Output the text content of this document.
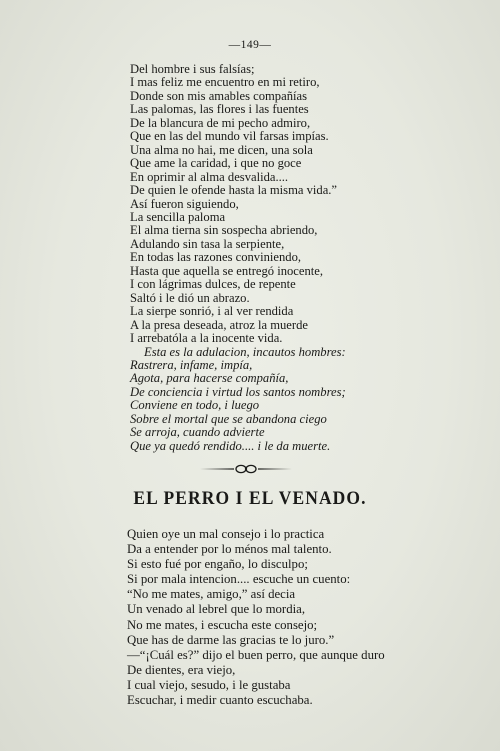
—149—
Del hombre i sus falsías;
I mas feliz me encuentro en mi retiro,
Donde son mis amables compañías
Las palomas, las flores i las fuentes
De la blancura de mi pecho admiro,
Que en las del mundo vil farsas impías.
Una alma no hai, me dicen, una sola
Que ame la caridad, i que no goce
En oprimir al alma desvalida....
De quien le ofende hasta la misma vida.”
Así fueron siguiendo,
La sencilla paloma
El alma tierna sin sospecha abriendo,
Adulando sin tasa la serpiente,
En todas las razones conviniendo,
Hasta que aquella se entregó inocente,
I con lágrimas dulces, de repente
Saltó i le dió un abrazo.
La sierpe sonrió, i al ver rendida
A la presa deseada, atroz la muerde
I arrebatóla a la inocente vida.
Esta es la adulacion, incautos hombres:
Rastrera, infame, impía,
Agota, para hacerse compañía,
De conciencia i virtud los santos nombres;
Conviene en todo, i luego
Sobre el mortal que se abandona ciego
Se arroja, cuando advierte
Que ya quedó rendido.... i le da muerte.
EL PERRO I EL VENADO.
Quien oye un mal consejo i lo practica
Da a entender por lo ménos mal talento.
Si esto fué por engaño, lo disculpo;
Si por mala intencion.... escuche un cuento:
“No me mates, amigo,” así decia
Un venado al lebrel que lo mordia,
No me mates, i escucha este consejo;
Que has de darme las gracias te lo juro.”
—“¡Cuál es?” dijo el buen perro, que aunque duro
De dientes, era viejo,
I cual viejo, sesudo, i le gustaba
Escuchar, i medir cuanto escuchaba.
